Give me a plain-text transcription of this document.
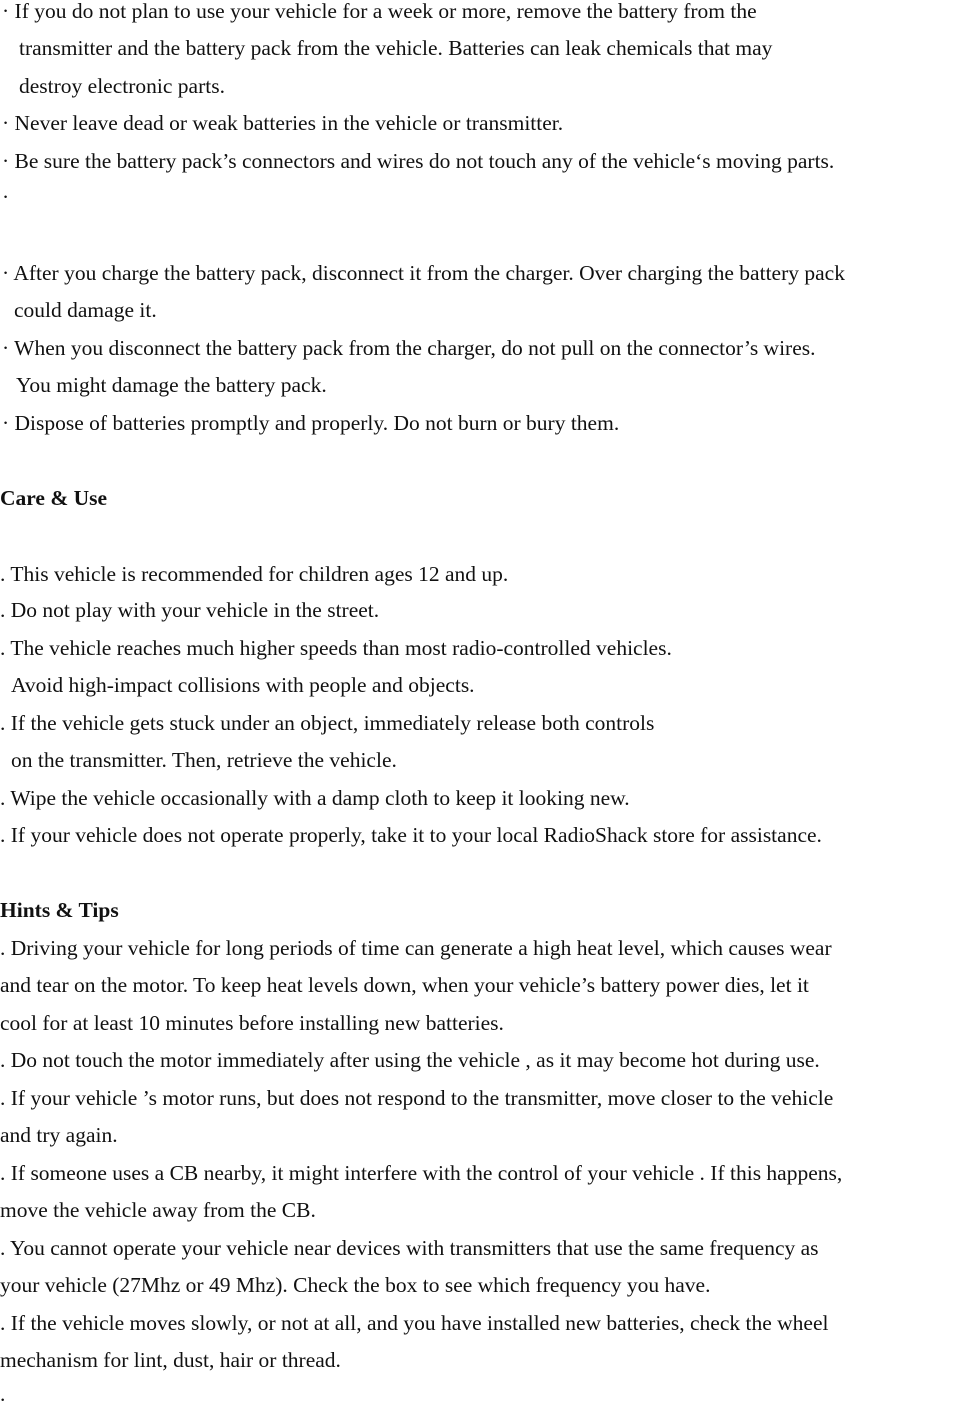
· If you do not plan to use your vehicle for a week or more, remove the battery from the

transmitter and the battery pack from the vehicle. Batteries can leak chemicals that may

destroy electronic parts.

· Never leave dead or weak batteries in the vehicle or transmitter.

· Be sure the battery pack’s connectors and wires do not touch any of the vehicle‘s moving parts.

·

· After you charge the battery pack, disconnect it from the charger. Over charging the battery pack

could damage it.

· When you disconnect the battery pack from the charger, do not pull on the connector’s wires.

You might damage the battery pack.

· Dispose of batteries promptly and properly. Do not burn or bury them.

Care & Use

. This vehicle is recommended for children ages 12 and up.

. Do not play with your vehicle in the street.

. The vehicle reaches much higher speeds than most radio-controlled vehicles.

Avoid high-impact collisions with people and objects.

. If the vehicle gets stuck under an object, immediately release both controls

on the transmitter. Then, retrieve the vehicle.

. Wipe the vehicle occasionally with a damp cloth to keep it looking new.

. If your vehicle does not operate properly, take it to your local RadioShack store for assistance.

Hints & Tips

. Driving your vehicle for long periods of time can generate a high heat level, which causes wear

and tear on the motor. To keep heat levels down, when your vehicle’s battery power dies, let it

cool for at least 10 minutes before installing new batteries.

. Do not touch the motor immediately after using the vehicle , as it may become hot during use.

. If your vehicle ’s motor runs, but does not respond to the transmitter, move closer to the vehicle

and try again.

. If someone uses a CB nearby, it might interfere with the control of your vehicle . If this happens,

move the vehicle away from the CB.

. You cannot operate your vehicle near devices with transmitters that use the same frequency as

your vehicle (27Mhz or 49 Mhz). Check the box to see which frequency you have.

. If the vehicle moves slowly, or not at all, and you have installed new batteries, check the wheel

mechanism for lint, dust, hair or thread.

.
